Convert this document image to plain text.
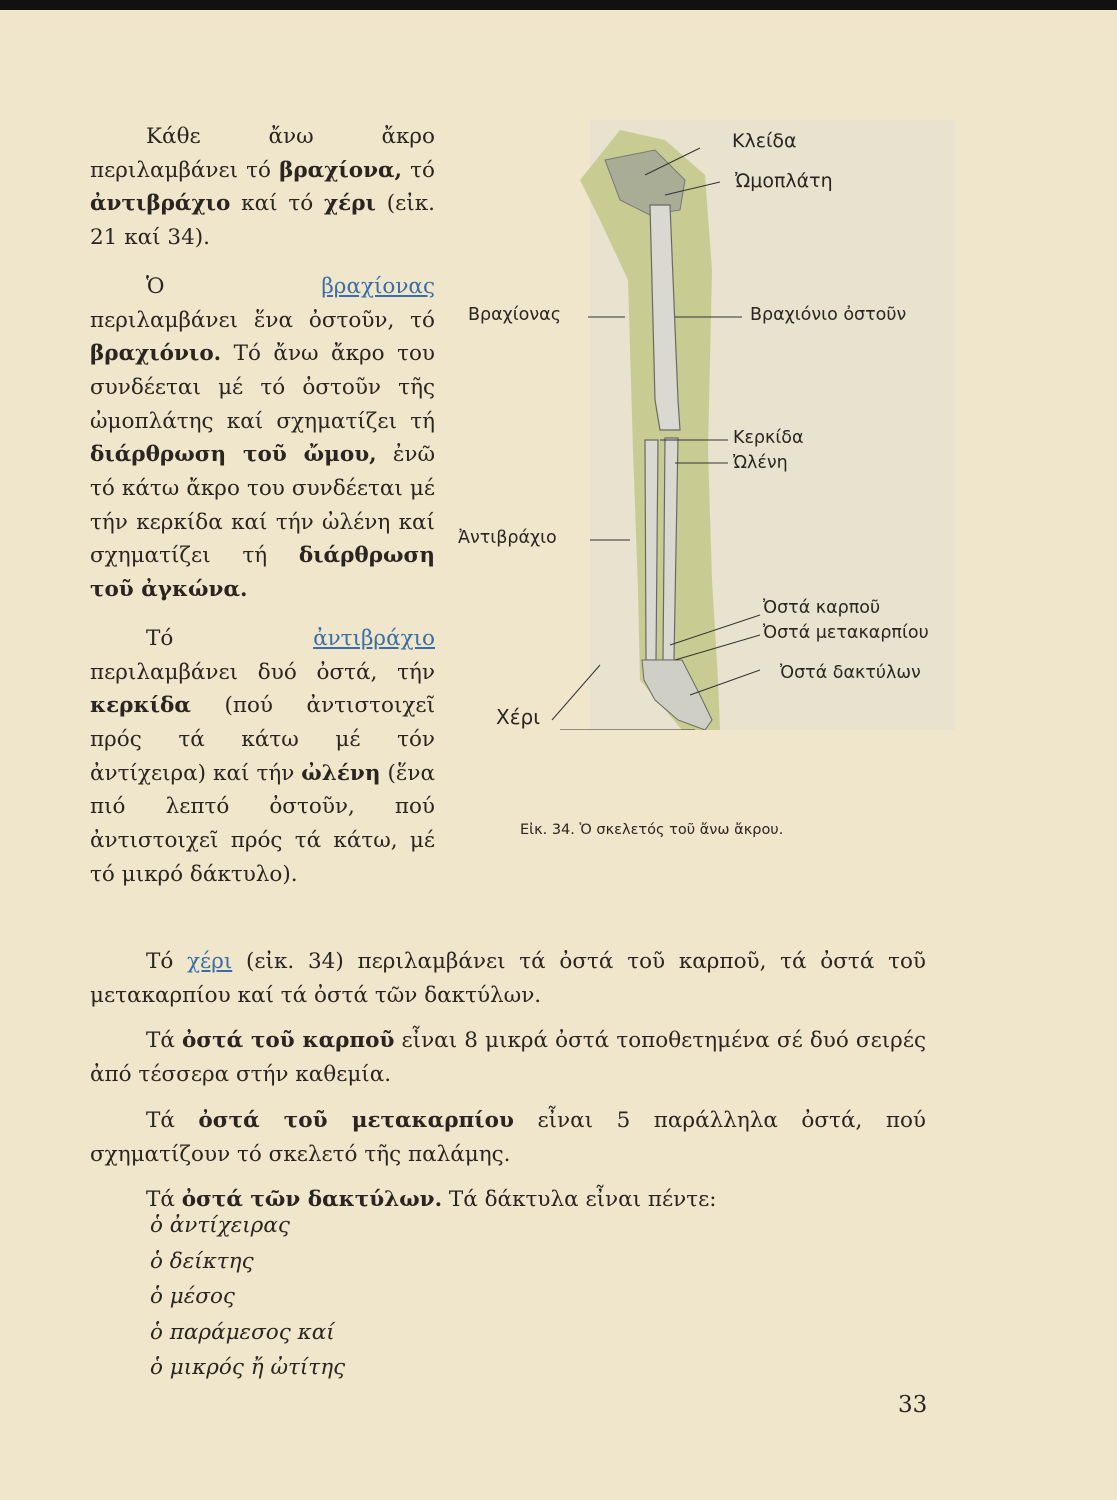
Κάθε ἄνω ἄκρο περιλαμβάνει τό βραχίονα, τό ἀντιβράχιο καί τό χέρι (εἰκ. 21 καί 34).

Ὁ βραχίονας περιλαμβάνει ἕνα ὀστοῦν, τό βραχιόνιο. Τό ἄνω ἄκρο του συνδέεται μέ τό ὀστοῦν τῆς ὠμοπλάτης καί σχηματίζει τή διάρθρωση τοῦ ὤμου, ἐνῶ τό κάτω ἄκρο του συνδέεται μέ τήν κερκίδα καί τήν ὠλένη καί σχηματίζει τή διάρθρωση τοῦ ἀγκώνα.

Τό ἀντιβράχιο περιλαμβάνει δυό ὀστά, τήν κερκίδα (πού ἀντιστοιχεῖ πρός τά κάτω μέ τόν ἀντίχειρα) καί τήν ὠλένη (ἕνα πιό λεπτό ὀστοῦν, πού ἀντιστοιχεῖ πρός τά κάτω, μέ τό μικρό δάκτυλο).

Κλείδα
Ὠμοπλάτη
Βραχίονας	Βραχιόνιο ὀστοῦν
Κερκίδα
Ὠλένη
Ἀντιβράχιο
Ὀστά καρποῦ
Ὀστά μετακαρπίου
Ὀστά δακτύλων
Χέρι
Εἰκ. 34. Ὁ σκελετός τοῦ ἄνω ἄκρου.

Τό χέρι (εἰκ. 34) περιλαμβάνει τά ὀστά τοῦ καρποῦ, τά ὀστά τοῦ μετακαρπίου καί τά ὀστά τῶν δακτύλων.

Τά ὀστά τοῦ καρποῦ εἶναι 8 μικρά ὀστά τοποθετημένα σέ δυό σειρές ἀπό τέσσερα στήν καθεμία.

Τά ὀστά τοῦ μετακαρπίου εἶναι 5 παράλληλα ὀστά, πού σχηματίζουν τό σκελετό τῆς παλάμης.

Τά ὀστά τῶν δακτύλων. Τά δάκτυλα εἶναι πέντε:

ὁ ἀντίχειρας
ὁ δείκτης
ὁ μέσος
ὁ παράμεσος καί
ὁ μικρός ἤ ὠτίτης
33
